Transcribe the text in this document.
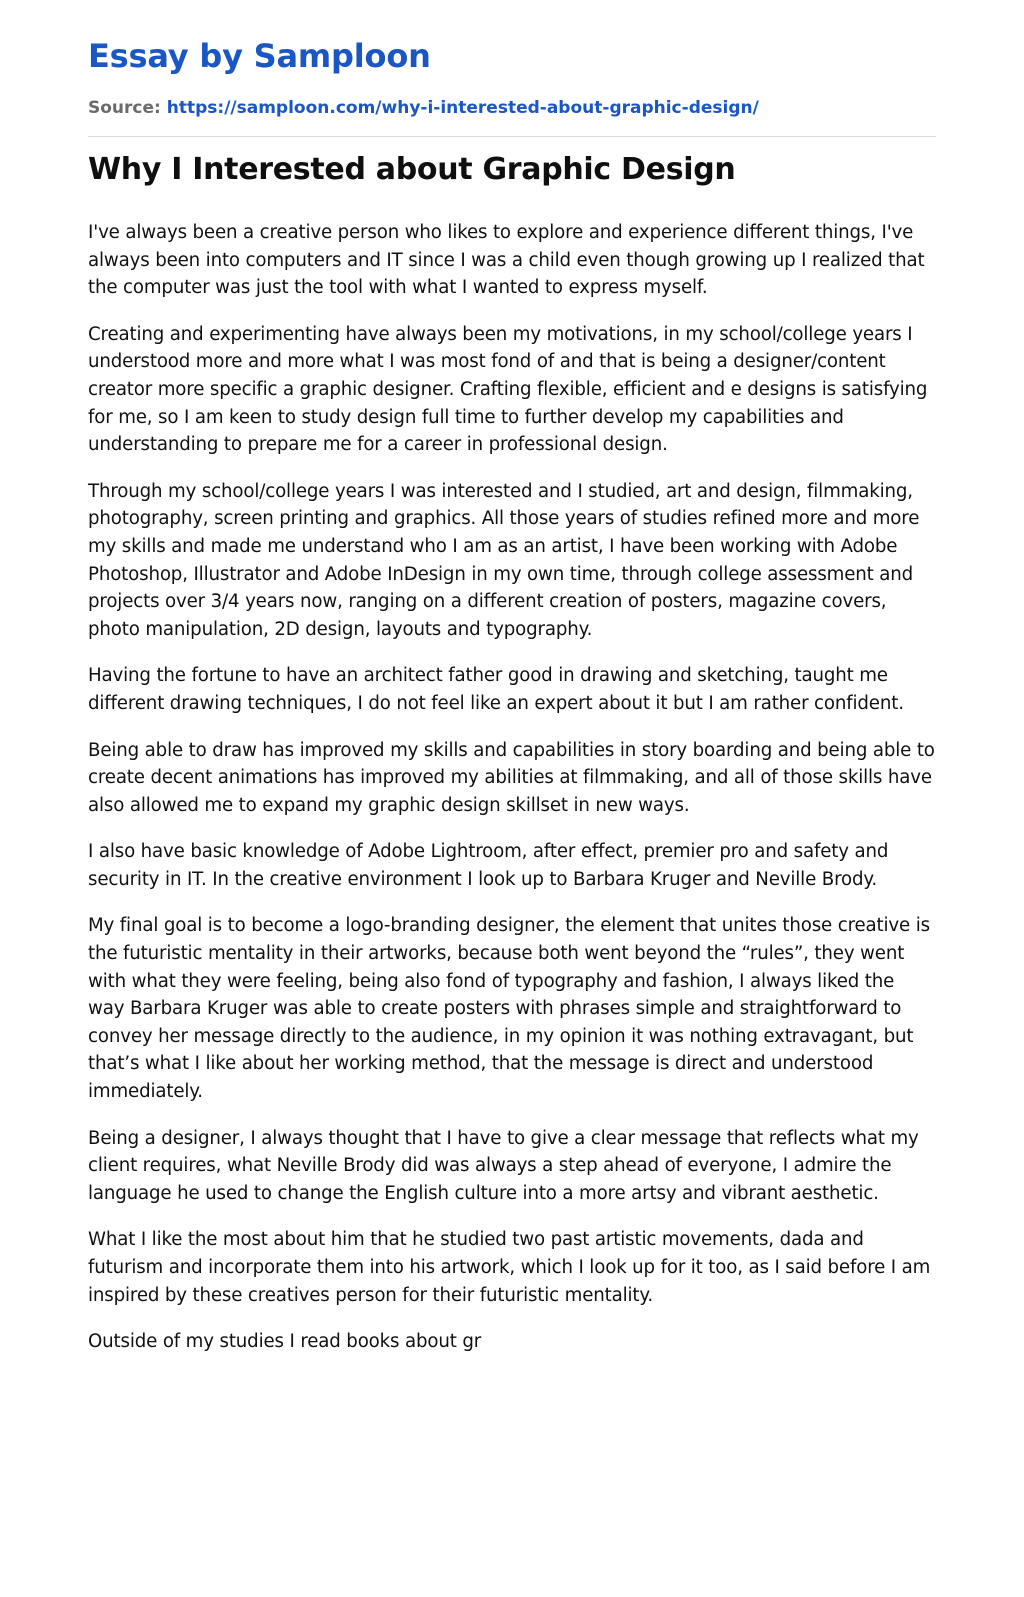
Essay by Samploon
Source: https://samploon.com/why-i-interested-about-graphic-design/
Why I Interested about Graphic Design

I've always been a creative person who likes to explore and experience different things, I've always been into computers and IT since I was a child even though growing up I realized that the computer was just the tool with what I wanted to express myself.

Creating and experimenting have always been my motivations, in my school/college years I understood more and more what I was most fond of and that is being a designer/content creator more specific a graphic designer. Crafting flexible, efficient and e designs is satisfying for me, so I am keen to study design full time to further develop my capabilities and understanding to prepare me for a career in professional design.

Through my school/college years I was interested and I studied, art and design, filmmaking, photography, screen printing and graphics. All those years of studies refined more and more my skills and made me understand who I am as an artist, I have been working with Adobe Photoshop, Illustrator and Adobe InDesign in my own time, through college assessment and projects over 3/4 years now, ranging on a different creation of posters, magazine covers, photo manipulation, 2D design, layouts and typography.

Having the fortune to have an architect father good in drawing and sketching, taught me different drawing techniques, I do not feel like an expert about it but I am rather confident.

Being able to draw has improved my skills and capabilities in story boarding and being able to create decent animations has improved my abilities at filmmaking, and all of those skills have also allowed me to expand my graphic design skillset in new ways.

I also have basic knowledge of Adobe Lightroom, after effect, premier pro and safety and security in IT. In the creative environment I look up to Barbara Kruger and Neville Brody.

My final goal is to become a logo-branding designer, the element that unites those creative is the futuristic mentality in their artworks, because both went beyond the “rules”, they went with what they were feeling, being also fond of typography and fashion, I always liked the way Barbara Kruger was able to create posters with phrases simple and straightforward to convey her message directly to the audience, in my opinion it was nothing extravagant, but that’s what I like about her working method, that the message is direct and understood immediately.

Being a designer, I always thought that I have to give a clear message that reflects what my client requires, what Neville Brody did was always a step ahead of everyone, I admire the language he used to change the English culture into a more artsy and vibrant aesthetic.

What I like the most about him that he studied two past artistic movements, dada and futurism and incorporate them into his artwork, which I look up for it too, as I said before I am inspired by these creatives person for their futuristic mentality.

Outside of my studies I read books about gr
